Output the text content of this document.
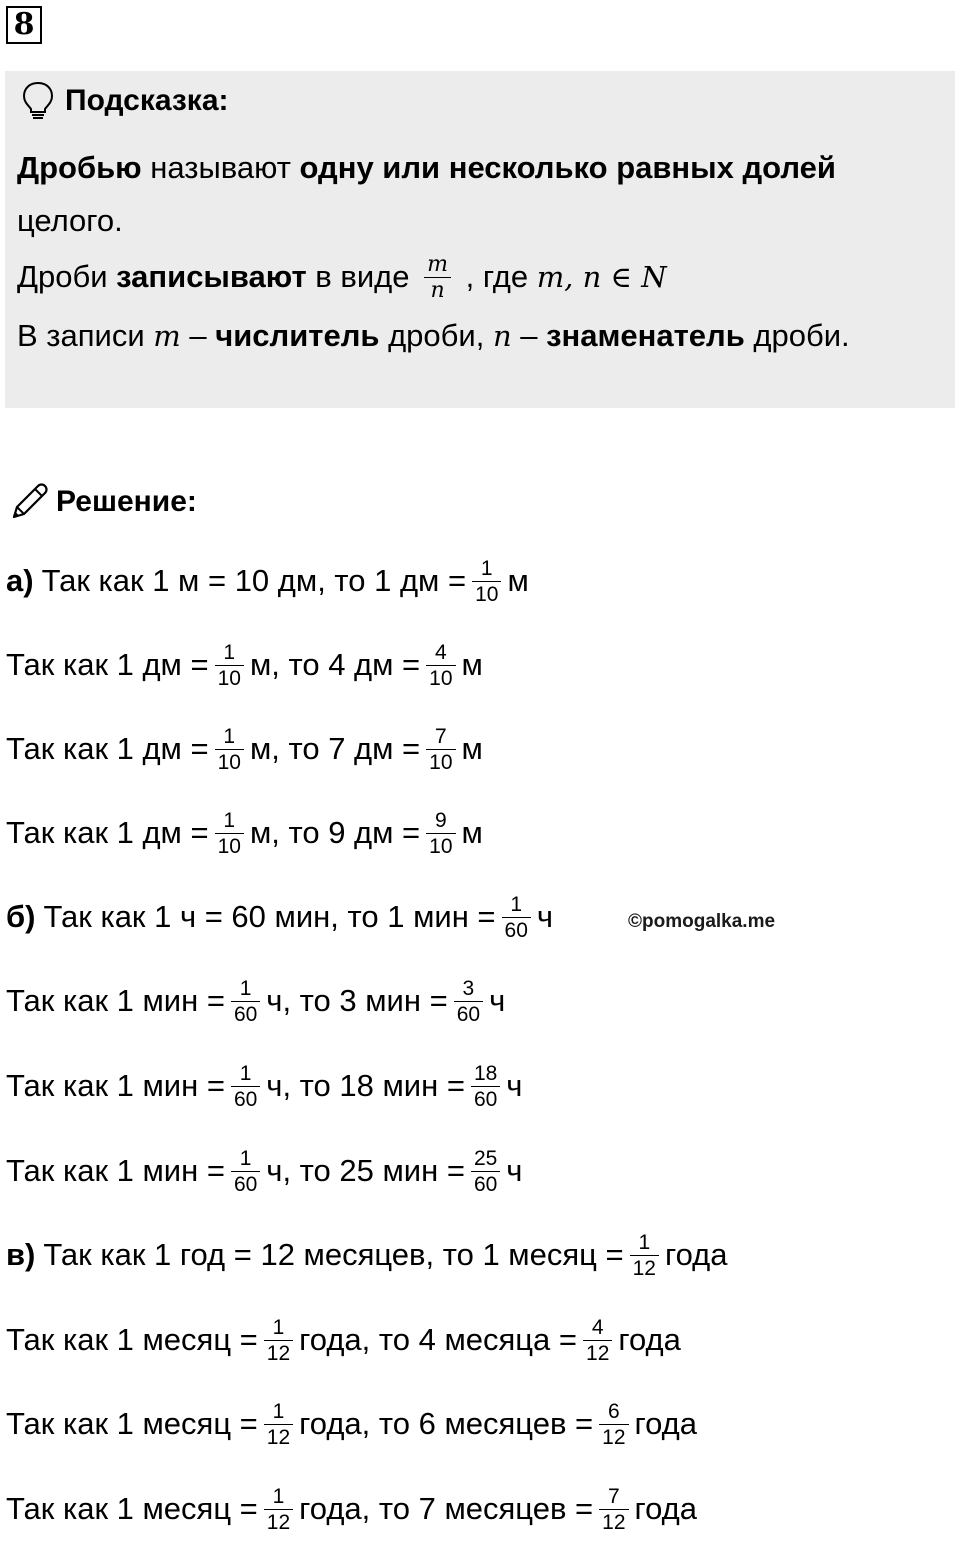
8
Подсказка:
Дробью называют одну или несколько равных долей
целого.
Дроби записывают в виде $\frac{m}{n}$ , где m, n ∈ N
В записи m – числитель дроби, n – знаменатель дроби.
Решение:
а) Так как 1 м = 10 дм, то 1 дм = $\frac{1}{10}$ м
Так как 1 дм = $\frac{1}{10} м$, то 4 дм = $\frac{4}{10}$ м
Так как 1 дм = $\frac{1}{10} м$, то 7 дм = $\frac{7}{10}$ м
Так как 1 дм = $\frac{1}{10} м$, то 9 дм = $\frac{9}{10}$ м
б) Так как 1 ч = 60 мин, то 1 мин = $\frac{1}{60}$ ч
Так как 1 мин = $\frac{1}{60} ч$, то 3 мин = $\frac{3}{60}$ ч
Так как 1 мин = $\frac{1}{60} ч$, то 18 мин = $\frac{18}{60}$ ч
Так как 1 мин = $\frac{1}{60} ч$, то 25 мин = $\frac{25}{60}$ ч
в) Так как 1 год = 12 месяцев, то 1 месяц = $\frac{1}{12}$ года
Так как 1 месяц = $\frac{1}{12}$ года, то 4 месяца = $\frac{4}{12}$ года
Так как 1 месяц = $\frac{1}{12}$ года, то 6 месяцев = $\frac{6}{12}$ года
Так как 1 месяц = $\frac{1}{12}$ года, то 7 месяцев = $\frac{7}{12}$ года
©pomogalka.me
